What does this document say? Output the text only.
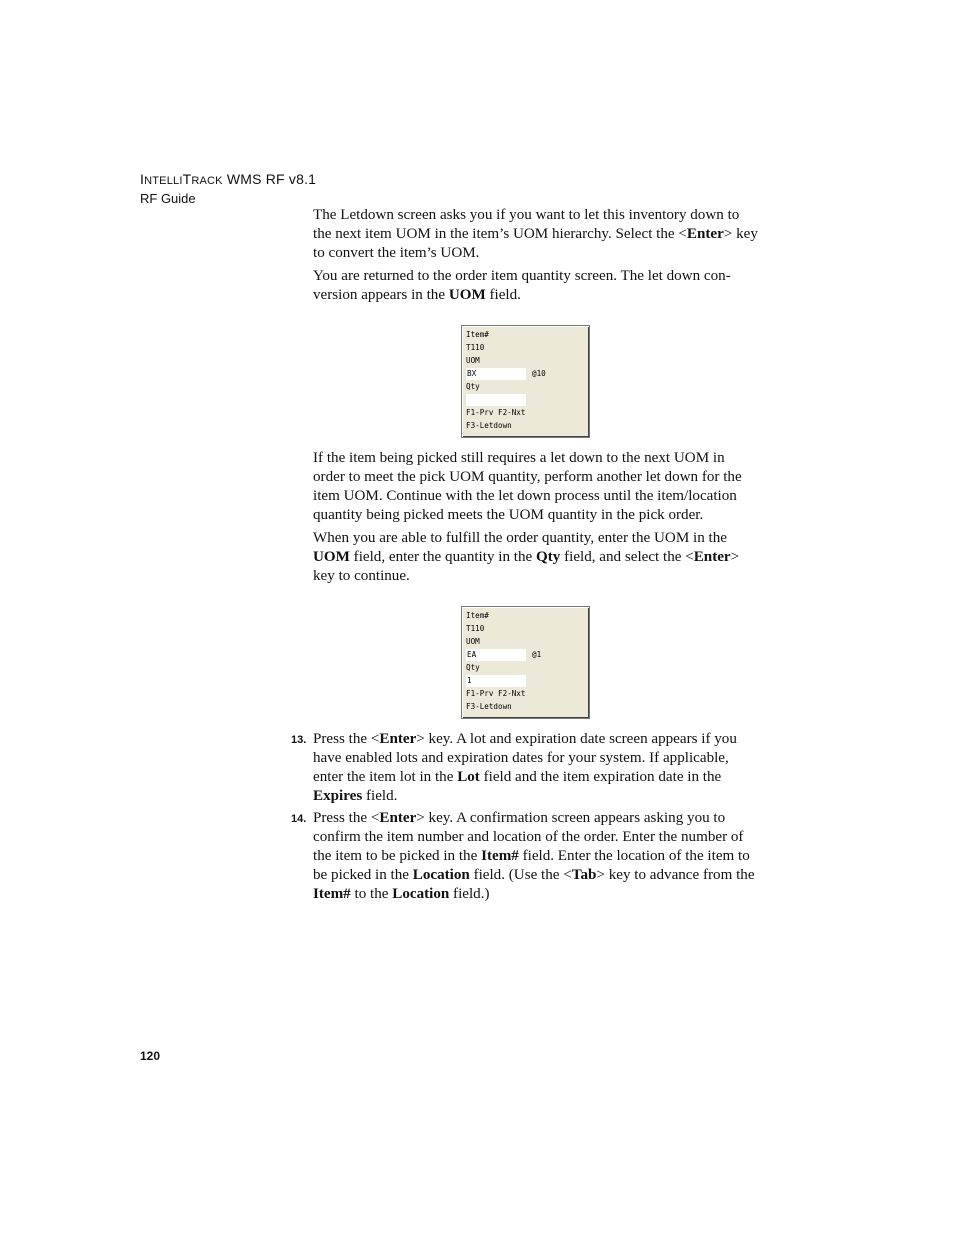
INTELLITRACK WMS RF v8.1
RF Guide

The Letdown screen asks you if you want to let this inventory down to the next item UOM in the item’s UOM hierarchy. Select the <Enter> key to convert the item’s UOM.

You are returned to the order item quantity screen. The let down con-version appears in the UOM field.

Item#
T110
UOM
BX	@10
Qty
F1-Prv F2-Nxt
F3-Letdown

If the item being picked still requires a let down to the next UOM in order to meet the pick UOM quantity, perform another let down for the item UOM. Continue with the let down process until the item/location quantity being picked meets the UOM quantity in the pick order.

When you are able to fulfill the order quantity, enter the UOM in the UOM field, enter the quantity in the Qty field, and select the <Enter> key to continue.

Item#
T110
UOM
EA	@1
Qty
1
F1-Prv F2-Nxt
F3-Letdown
13. Press the <Enter> key. A lot and expiration date screen appears if you have enabled lots and expiration dates for your system. If applicable, enter the item lot in the Lot field and the item expiration date in the Expires field.

14. Press the <Enter> key. A confirmation screen appears asking you to confirm the item number and location of the order. Enter the number of the item to be picked in the Item# field. Enter the location of the item to be picked in the Location field. (Use the <Tab> key to advance from the Item# to the Location field.)

120
